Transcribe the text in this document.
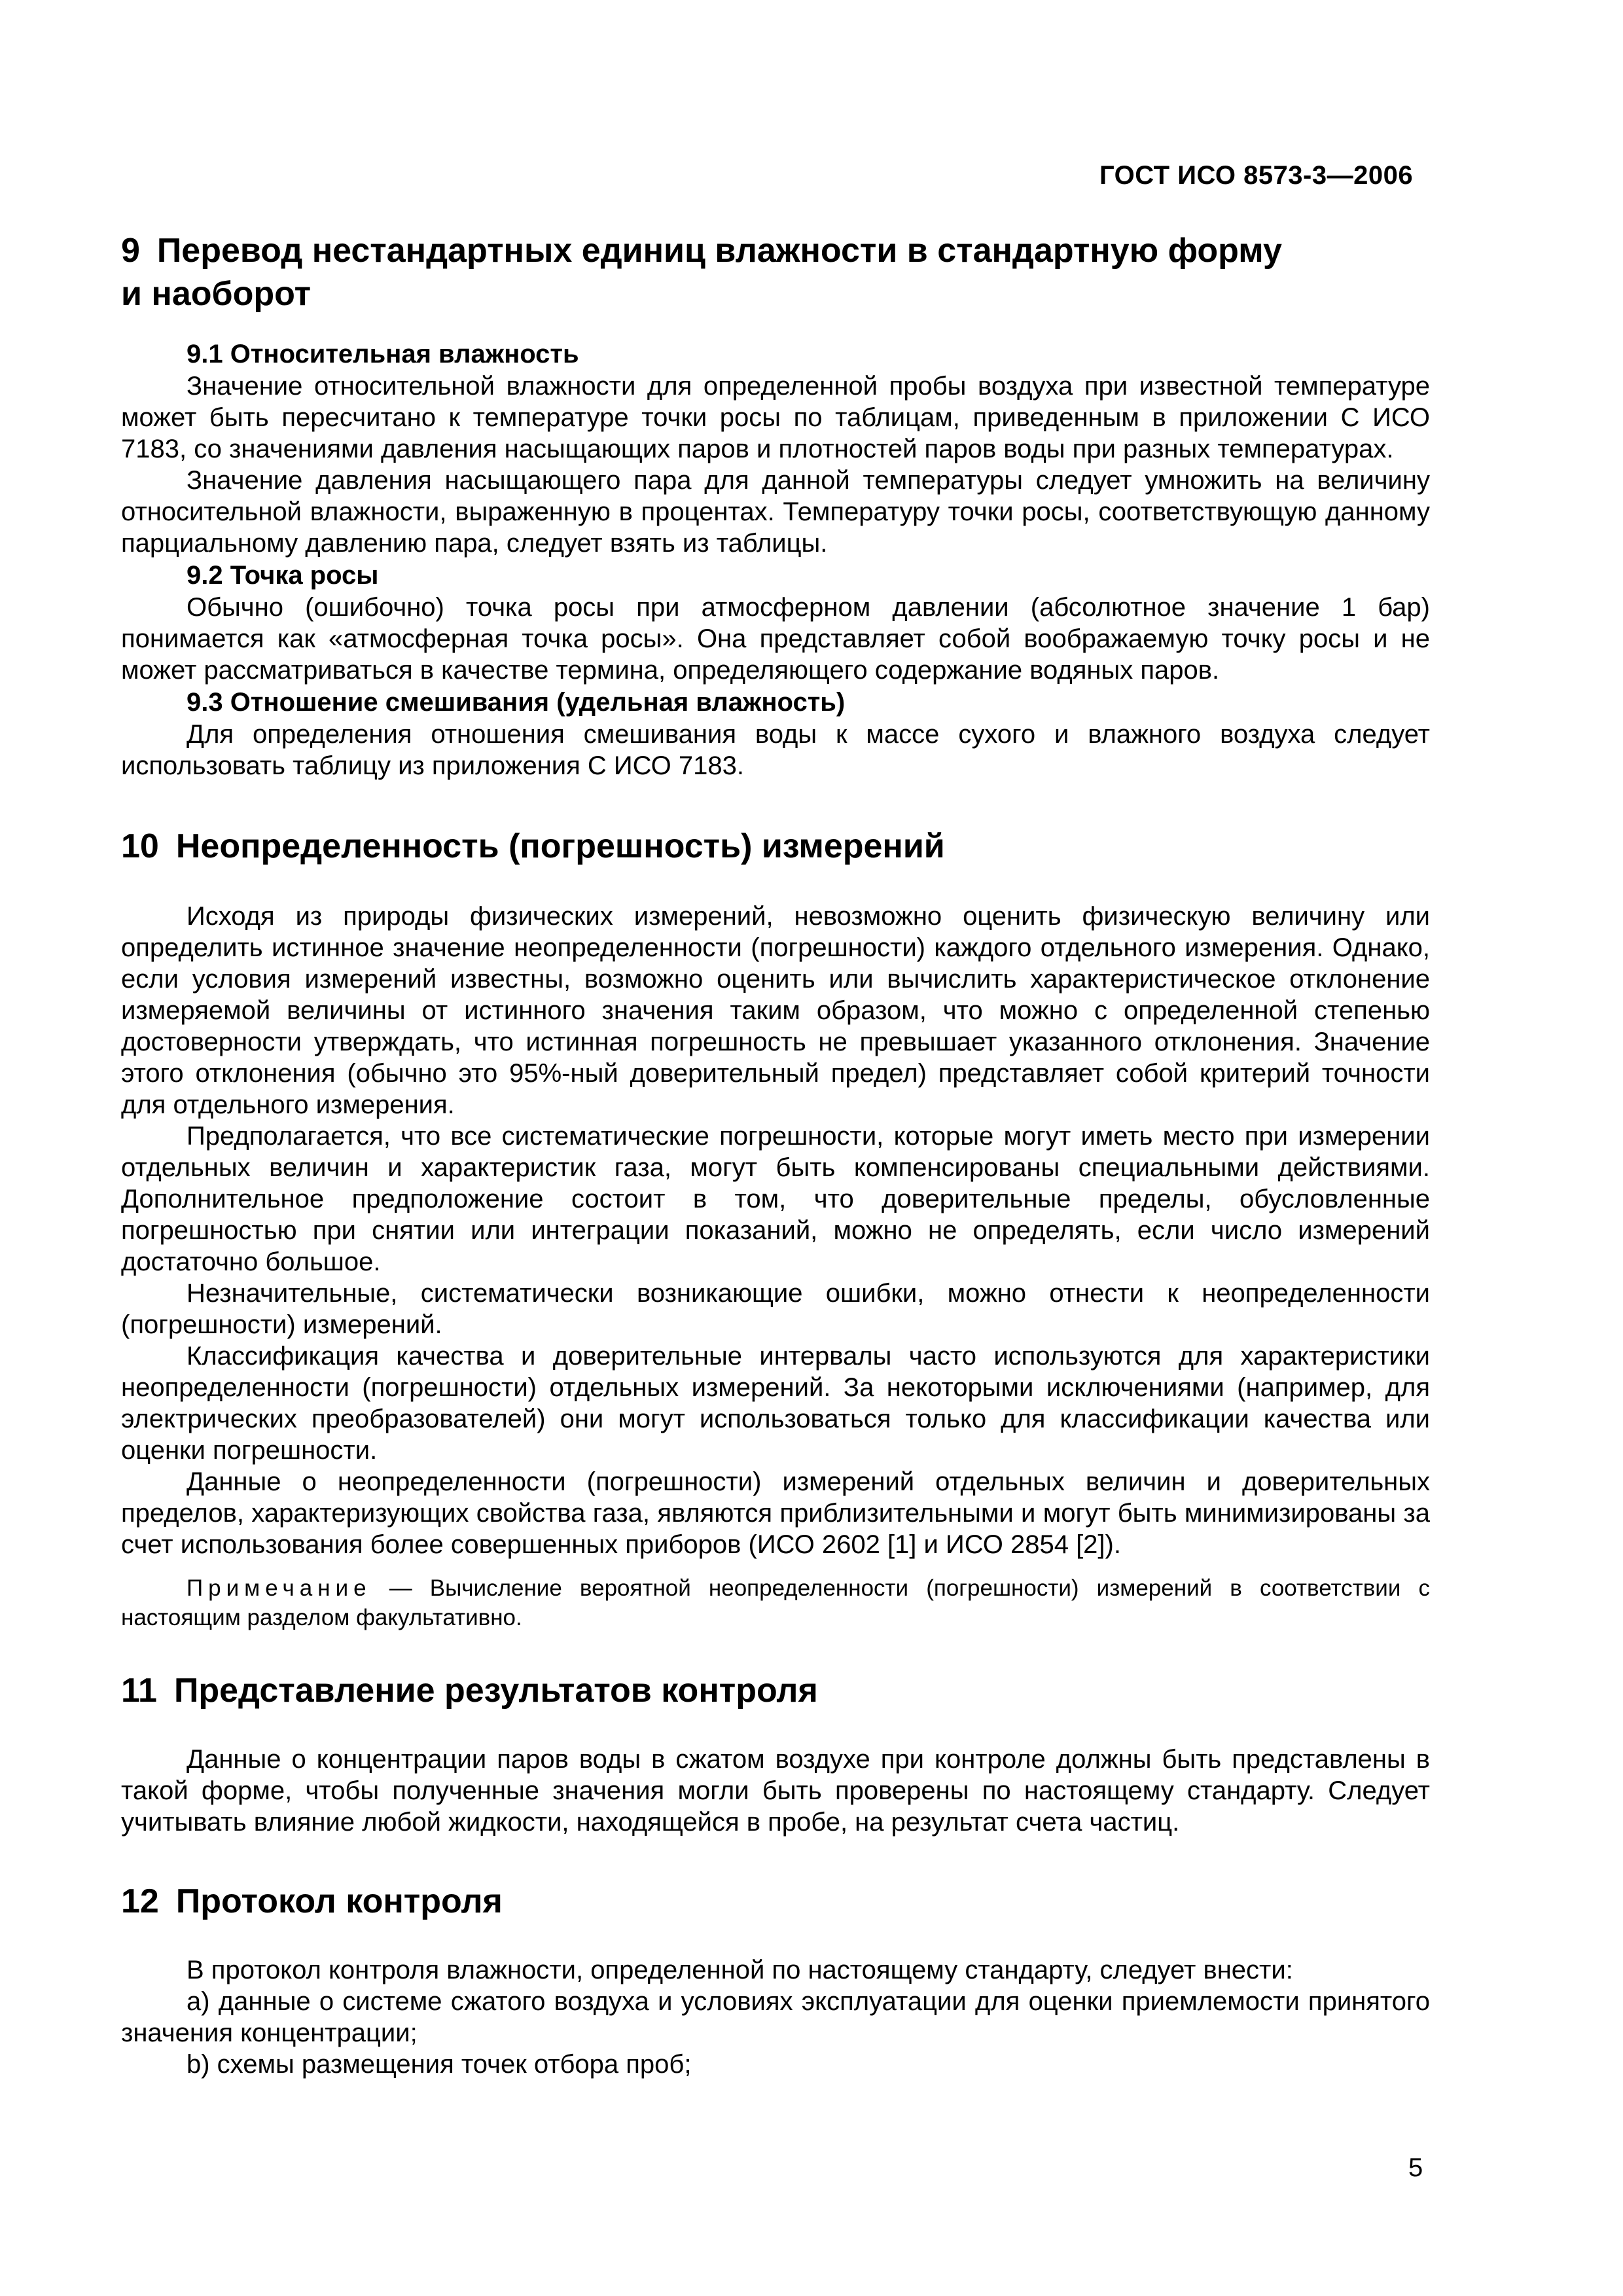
ГОСТ ИСО 8573-3—2006
9 Перевод нестандартных единиц влажности в стандартную форму
и наоборот
9.1 Относительная влажность

Значение относительной влажности для определенной пробы воздуха при известной температуре может быть пересчитано к температуре точки росы по таблицам, приведенным в приложении С ИСО 7183, со значениями давления насыщающих паров и плотностей паров воды при разных температурах.

Значение давления насыщающего пара для данной температуры следует умножить на величину относительной влажности, выраженную в процентах. Температуру точки росы, соответствующую данному парциальному давлению пара, следует взять из таблицы.

9.2 Точка росы

Обычно (ошибочно) точка росы при атмосферном давлении (абсолютное значение 1 бар) понимается как «атмосферная точка росы». Она представляет собой воображаемую точку росы и не может рассматриваться в качестве термина, определяющего содержание водяных паров.

9.3 Отношение смешивания (удельная влажность)

Для определения отношения смешивания воды к массе сухого и влажного воздуха следует использовать таблицу из приложения С ИСО 7183.

10 Неопределенность (погрешность) измерений

Исходя из природы физических измерений, невозможно оценить физическую величину или определить истинное значение неопределенности (погрешности) каждого отдельного измерения. Однако, если условия измерений известны, возможно оценить или вычислить характеристическое отклонение измеряемой величины от истинного значения таким образом, что можно с определенной степенью достоверности утверждать, что истинная погрешность не превышает указанного отклонения. Значение этого отклонения (обычно это 95%-ный доверительный предел) представляет собой критерий точности для отдельного измерения.

Предполагается, что все систематические погрешности, которые могут иметь место при измерении отдельных величин и характеристик газа, могут быть компенсированы специальными действиями. Дополнительное предположение состоит в том, что доверительные пределы, обусловленные погрешностью при снятии или интеграции показаний, можно не определять, если число измерений достаточно большое.

Незначительные, систематически возникающие ошибки, можно отнести к неопределенности (погрешности) измерений.

Классификация качества и доверительные интервалы часто используются для характеристики неопределенности (погрешности) отдельных измерений. За некоторыми исключениями (например, для электрических преобразователей) они могут использоваться только для классификации качества или оценки погрешности.

Данные о неопределенности (погрешности) измерений отдельных величин и доверительных пределов, характеризующих свойства газа, являются приблизительными и могут быть минимизированы за счет использования более совершенных приборов (ИСО 2602 [1] и ИСО 2854 [2]).

Примечание — Вычисление вероятной неопределенности (погрешности) измерений в соответствии с настоящим разделом факультативно.
11 Представление результатов контроля

Данные о концентрации паров воды в сжатом воздухе при контроле должны быть представлены в такой форме, чтобы полученные значения могли быть проверены по настоящему стандарту. Следует учитывать влияние любой жидкости, находящейся в пробе, на результат счета частиц.

12 Протокол контроля

В протокол контроля влажности, определенной по настоящему стандарту, следует внести:

а) данные о системе сжатого воздуха и условиях эксплуатации для оценки приемлемости принятого значения концентрации;

b) схемы размещения точек отбора проб;

5
